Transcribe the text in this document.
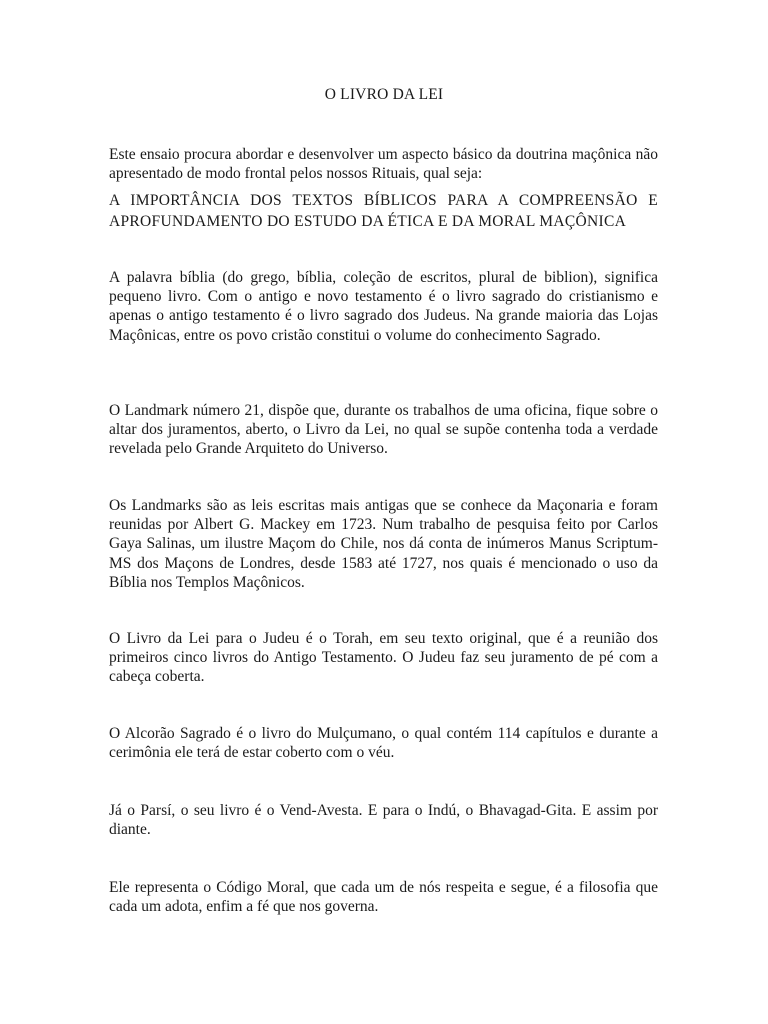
O LIVRO DA LEI
Este ensaio procura abordar e desenvolver um aspecto básico da doutrina maçônica não apresentado de modo frontal pelos nossos Rituais, qual seja:
A IMPORTÂNCIA DOS TEXTOS BÍBLICOS PARA A COMPREENSÃO E APROFUNDAMENTO DO ESTUDO DA ÉTICA E DA MORAL MAÇÔNICA
A palavra bíblia (do grego, bíblia, coleção de escritos, plural de biblion), significa pequeno livro. Com o antigo e novo testamento é o livro sagrado do cristianismo e apenas o antigo testamento é o livro sagrado dos Judeus. Na grande maioria das Lojas Maçônicas, entre os povo cristão constitui o volume do conhecimento Sagrado.
O Landmark número 21, dispõe que, durante os trabalhos de uma oficina, fique sobre o altar dos juramentos, aberto, o Livro da Lei, no qual se supõe contenha toda a verdade revelada pelo Grande Arquiteto do Universo.
Os Landmarks são as leis escritas mais antigas que se conhece da Maçonaria e foram reunidas por Albert G. Mackey em 1723. Num trabalho de pesquisa feito por Carlos Gaya Salinas, um ilustre Maçom do Chile, nos dá conta de inúmeros Manus Scriptum-MS dos Maçons de Londres, desde 1583 até 1727, nos quais é mencionado o uso da Bíblia nos Templos Maçônicos.
O Livro da Lei para o Judeu é o Torah, em seu texto original, que é a reunião dos primeiros cinco livros do Antigo Testamento. O Judeu faz seu juramento de pé com a cabeça coberta.
O Alcorão Sagrado é o livro do Mulçumano, o qual contém 114 capítulos e durante a cerimônia ele terá de estar coberto com o véu.
Já o Parsí, o seu livro é o Vend-Avesta. E para o Indú, o Bhavagad-Gita. E assim por diante.
Ele representa o Código Moral, que cada um de nós respeita e segue, é a filosofia que cada um adota, enfim a fé que nos governa.
